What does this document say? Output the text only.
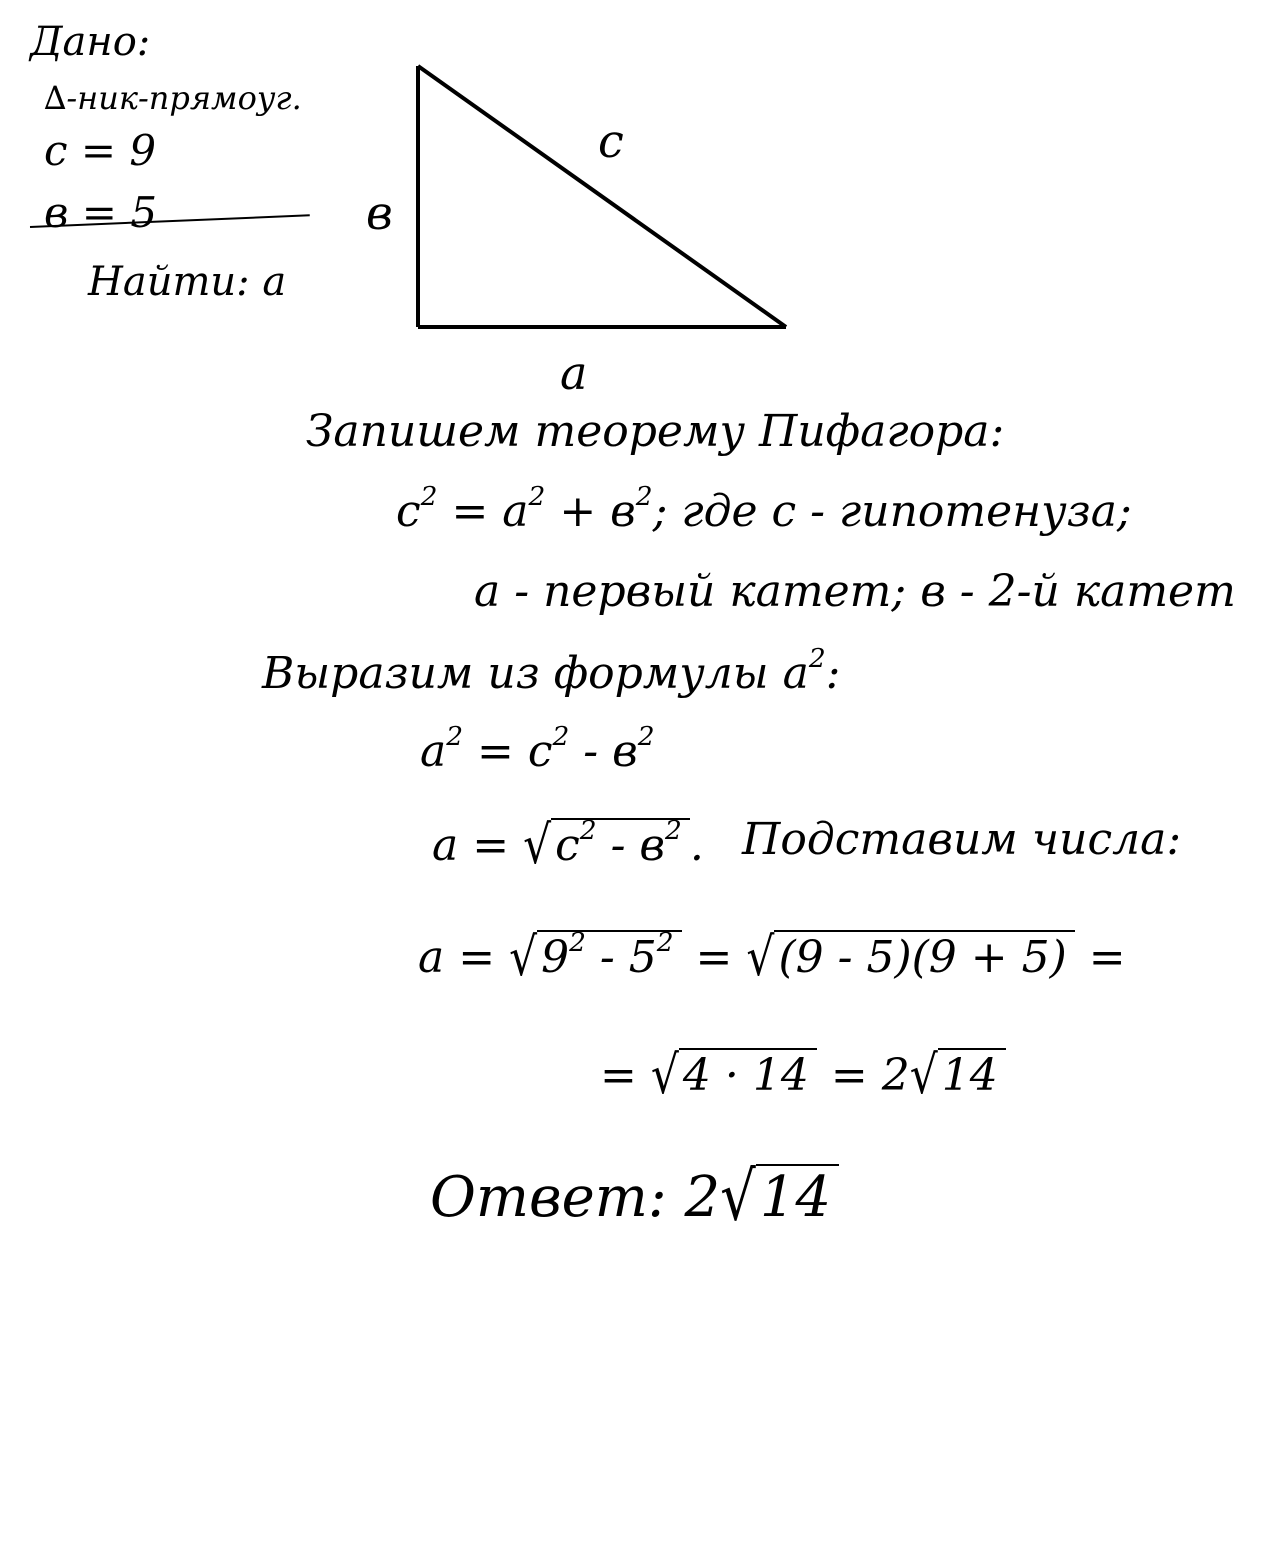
Дано:
∆-ник-прямоуг.
c = 9
в = 5
Найти: a
c
в
a
Запишем теорему Пифагора:
$c^2 = a^2 + в^2$; где c - гипотенуза;
a - первый катет; в - 2-й катет
Выразим из формулы $a^2$:
$a^2 = c^2 - в^2$
$a = √c^2 - в^2$ . Подставим числа:
$a = √9^2 - 5^2 = √(9 - 5)(9 + 5)$ =
= √4 · 14 = 2√14
Ответ: 2√14
